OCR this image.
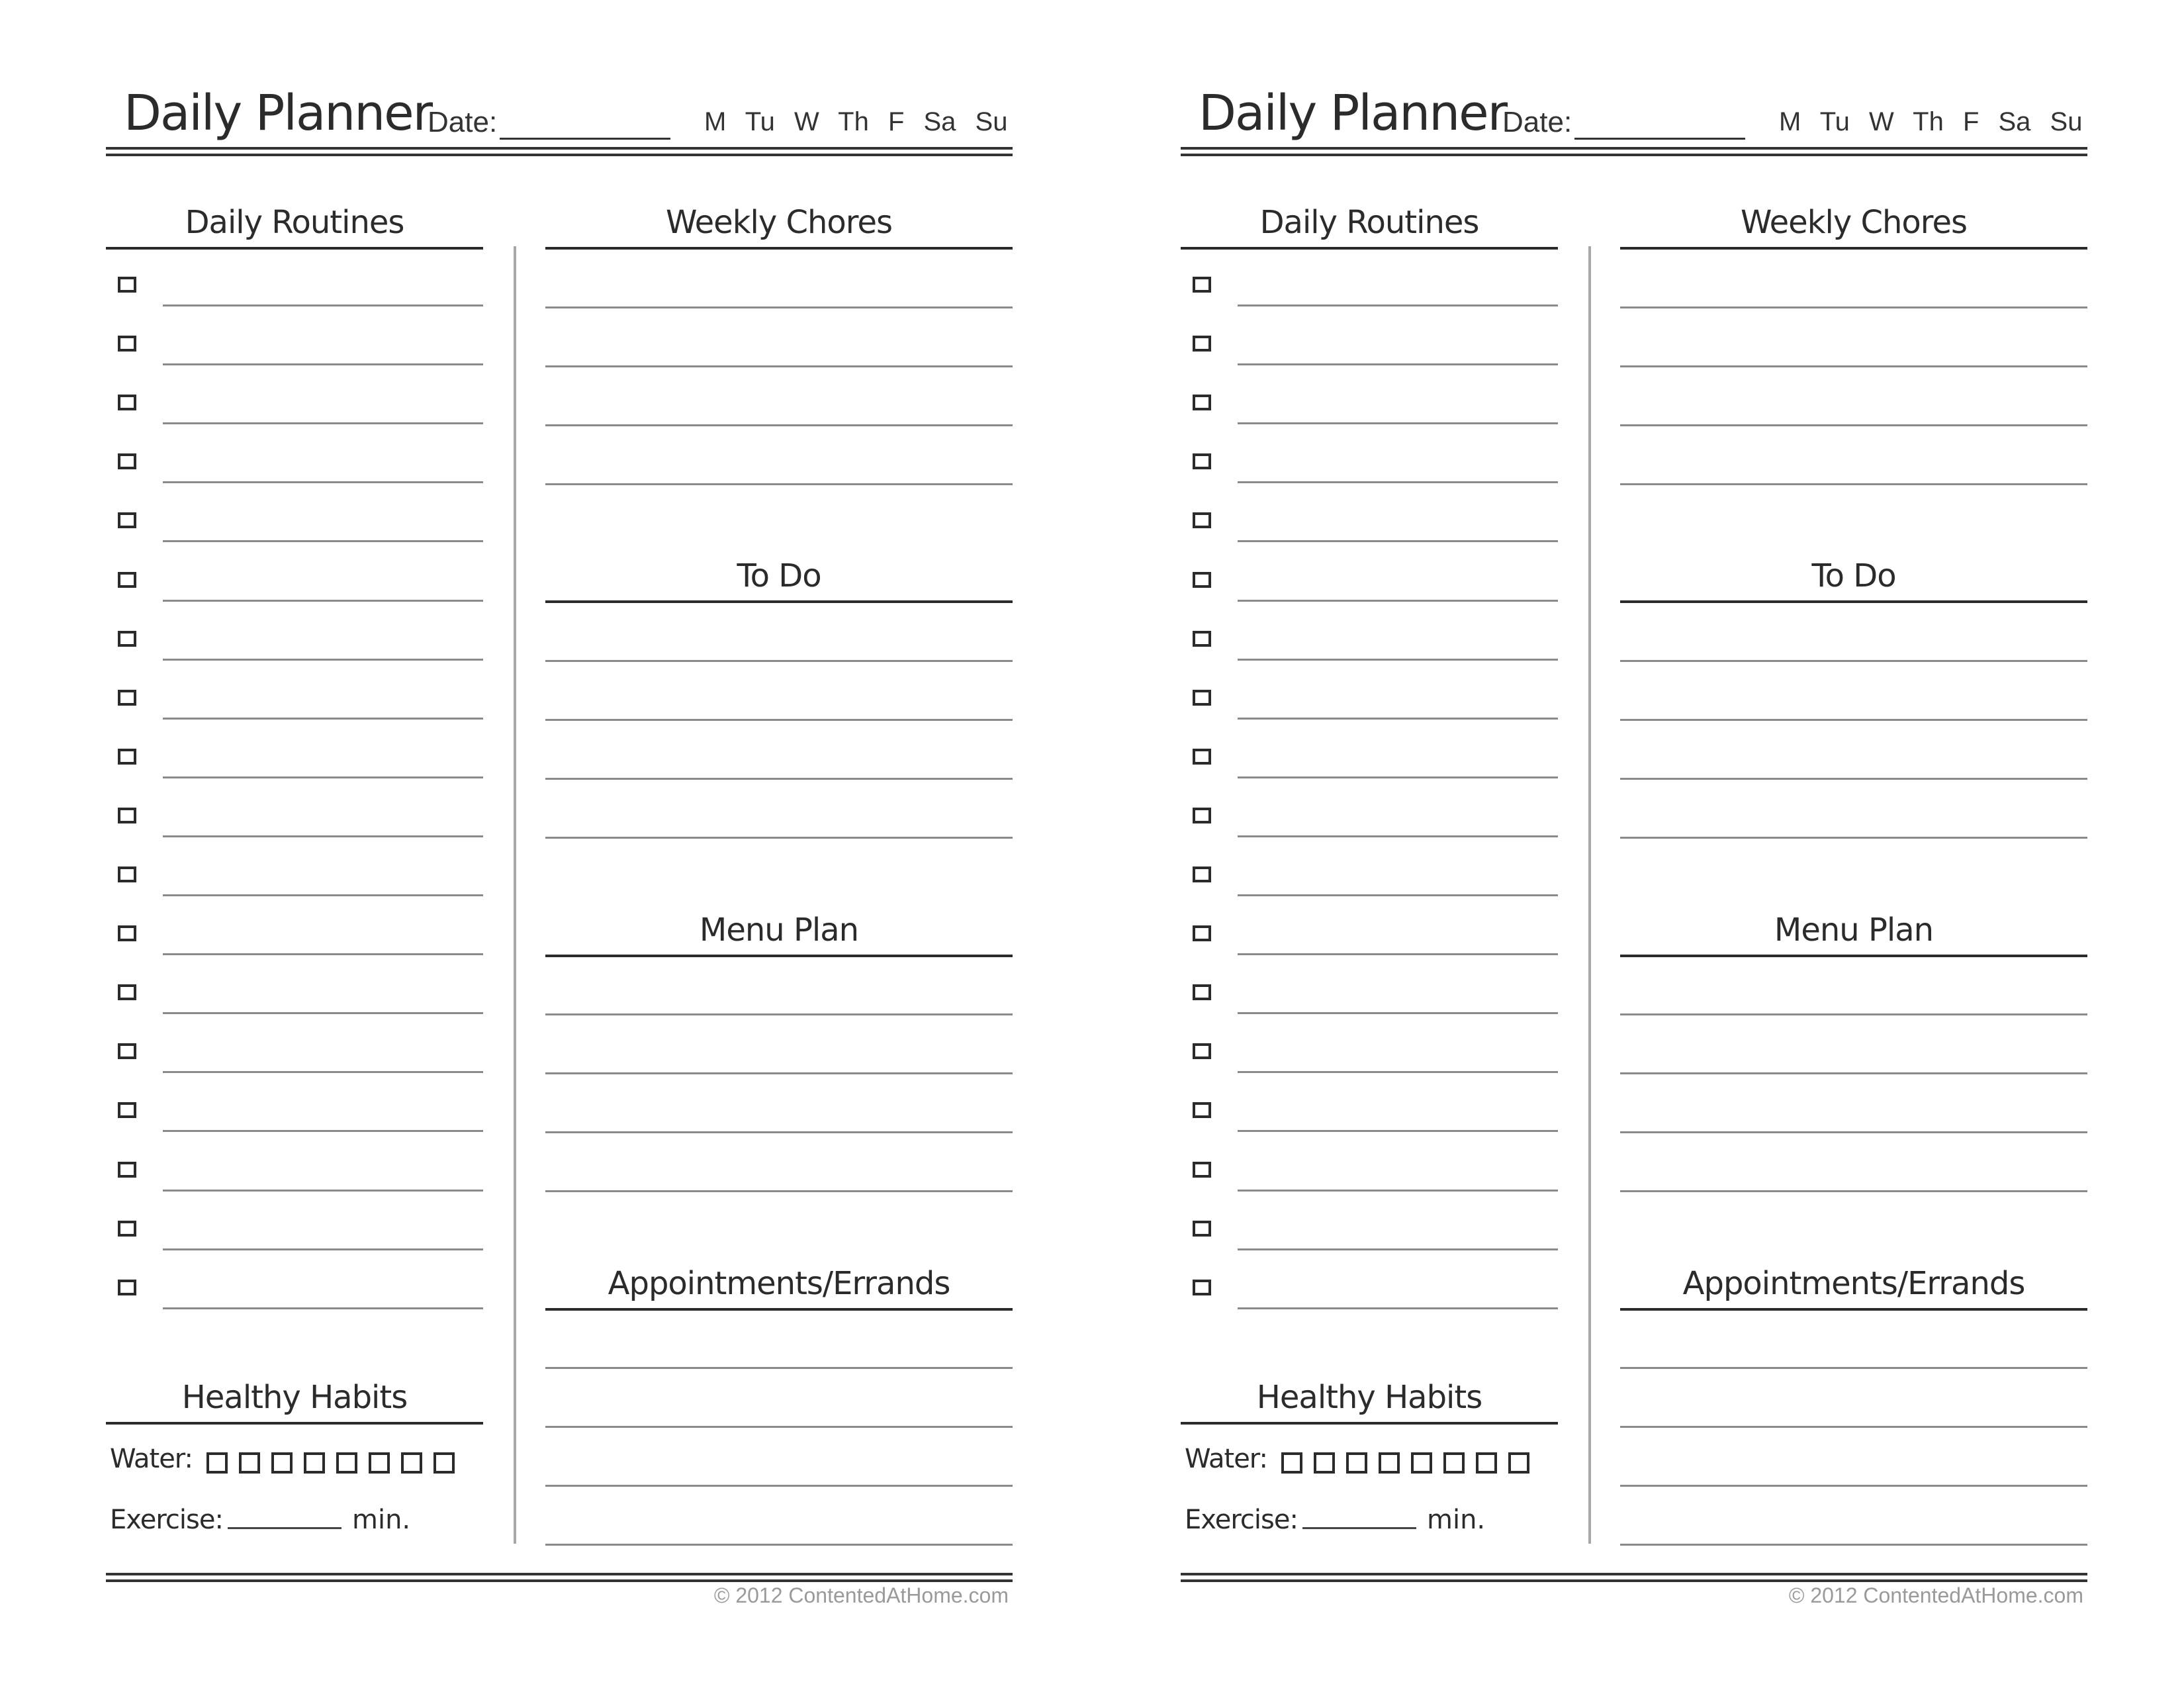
Daily Planner
Date:	M Tu W Th F Sa Su
Daily Routines
Healthy Habits
Water:
Exercise:	min.
Weekly Chores
To Do
Menu Plan
Appointments/Errands
© 2012 ContentedAtHome.com
Daily Planner
Date:	M Tu W Th F Sa Su
Daily Routines
Healthy Habits
Water:
Exercise:	min.
Weekly Chores
To Do
Menu Plan
Appointments/Errands
© 2012 ContentedAtHome.com
